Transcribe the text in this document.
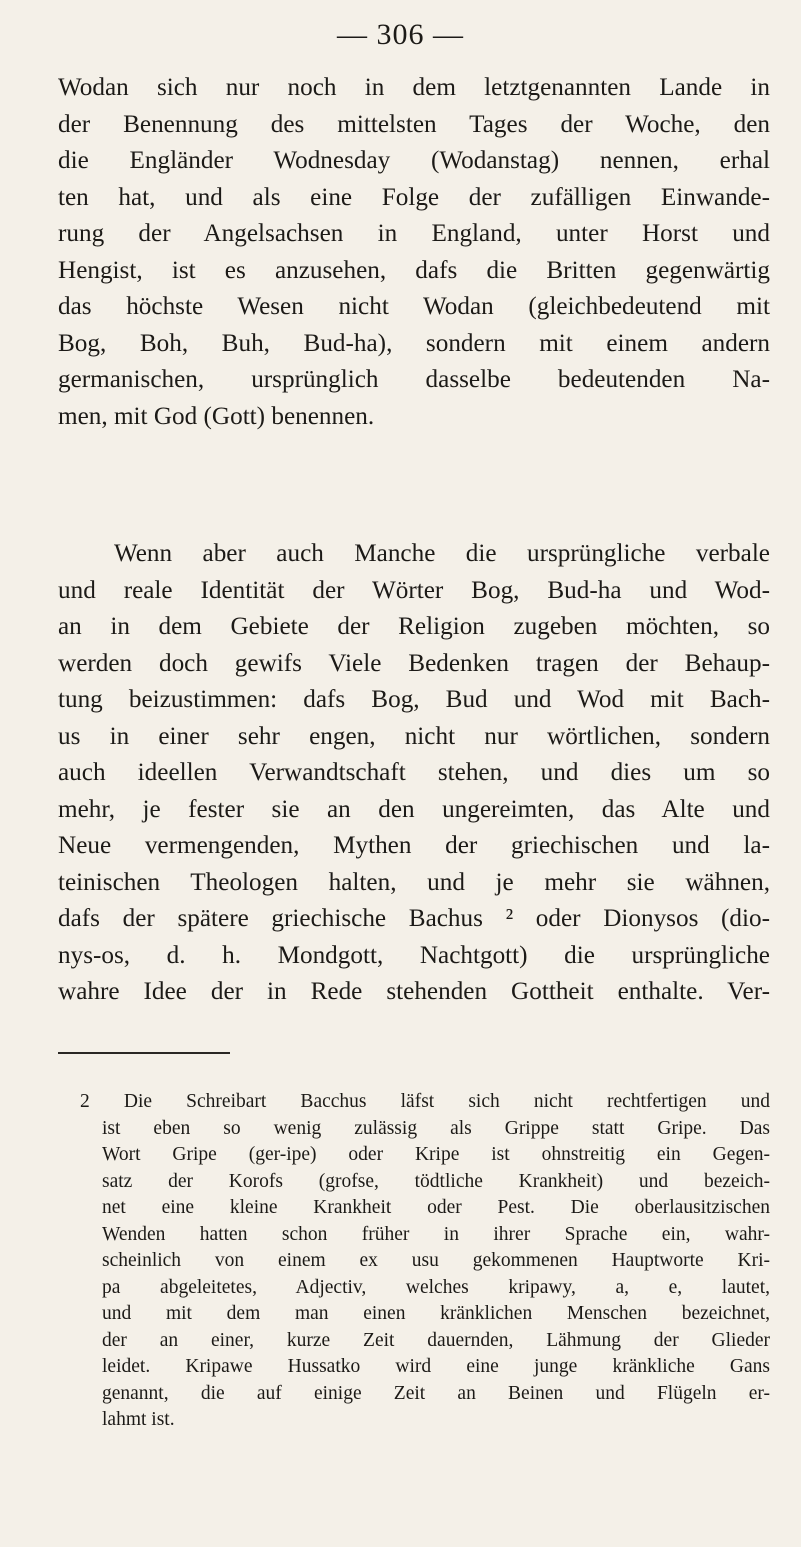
— 306 —
Wodan sich nur noch in dem letztgenannten Lande in
der Benennung des mittelsten Tages der Woche, den
die Engländer Wodnesday (Wodanstag) nennen, erhal
ten hat, und als eine Folge der zufälligen Einwande-
rung der Angelsachsen in England, unter Horst und
Hengist, ist es anzusehen, dafs die Britten gegenwärtig
das höchste Wesen nicht Wodan (gleichbedeutend mit
Bog, Boh, Buh, Bud-ha), sondern mit einem andern
germanischen, ursprünglich dasselbe bedeutenden Na-
men, mit God (Gott) benennen.
Wenn aber auch Manche die ursprüngliche verbale
und reale Identität der Wörter Bog, Bud-ha und Wod-
an in dem Gebiete der Religion zugeben möchten, so
werden doch gewifs Viele Bedenken tragen der Behaup-
tung beizustimmen: dafs Bog, Bud und Wod mit Bach-
us in einer sehr engen, nicht nur wörtlichen, sondern
auch ideellen Verwandtschaft stehen, und dies um so
mehr, je fester sie an den ungereimten, das Alte und
Neue vermengenden, Mythen der griechischen und la-
teinischen Theologen halten, und je mehr sie wähnen,
dafs der spätere griechische Bachus ² oder Dionysos (dio-
nys-os, d. h. Mondgott, Nachtgott) die ursprüngliche
wahre Idee der in Rede stehenden Gottheit enthalte. Ver-
2 Die Schreibart Bacchus läfst sich nicht rechtfertigen und
ist eben so wenig zulässig als Grippe statt Gripe. Das
Wort Gripe (ger-ipe) oder Kripe ist ohnstreitig ein Gegen-
satz der Korofs (grofse, tödtliche Krankheit) und bezeich-
net eine kleine Krankheit oder Pest. Die oberlausitzischen
Wenden hatten schon früher in ihrer Sprache ein, wahr-
scheinlich von einem ex usu gekommenen Hauptworte Kri-
pa abgeleitetes, Adjectiv, welches kripawy, a, e, lautet,
und mit dem man einen kränklichen Menschen bezeichnet,
der an einer, kurze Zeit dauernden, Lähmung der Glieder
leidet. Kripawe Hussatko wird eine junge kränkliche Gans
genannt, die auf einige Zeit an Beinen und Flügeln er-
lahmt ist.
